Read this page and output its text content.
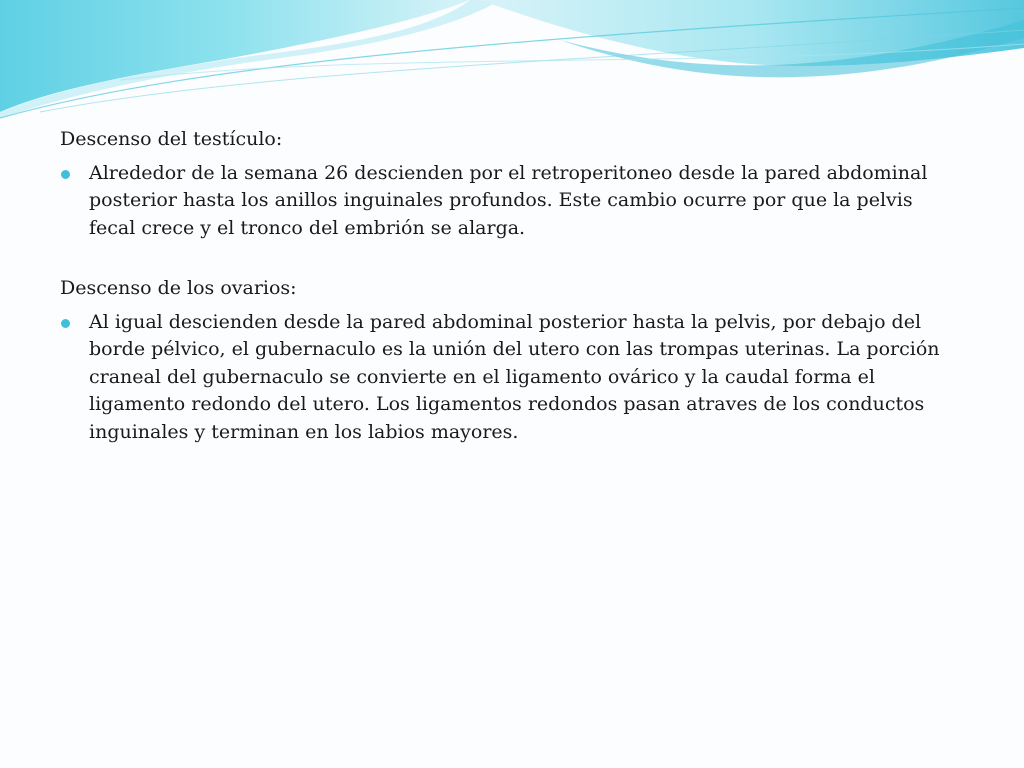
Descenso del testículo:

Alrededor de la semana 26 descienden por el retroperitoneo desde la pared abdominal posterior hasta los anillos inguinales profundos. Este cambio ocurre por que la pelvis fecal crece y el tronco del embrión se alarga.

Descenso de los ovarios:

Al igual descienden desde la pared abdominal posterior hasta la pelvis, por debajo del borde pélvico, el gubernaculo es la unión del utero con las trompas uterinas. La porción craneal del gubernaculo se convierte en el ligamento ovárico y la caudal forma el ligamento redondo del utero. Los ligamentos redondos pasan atraves de los conductos inguinales y terminan en los labios mayores.
